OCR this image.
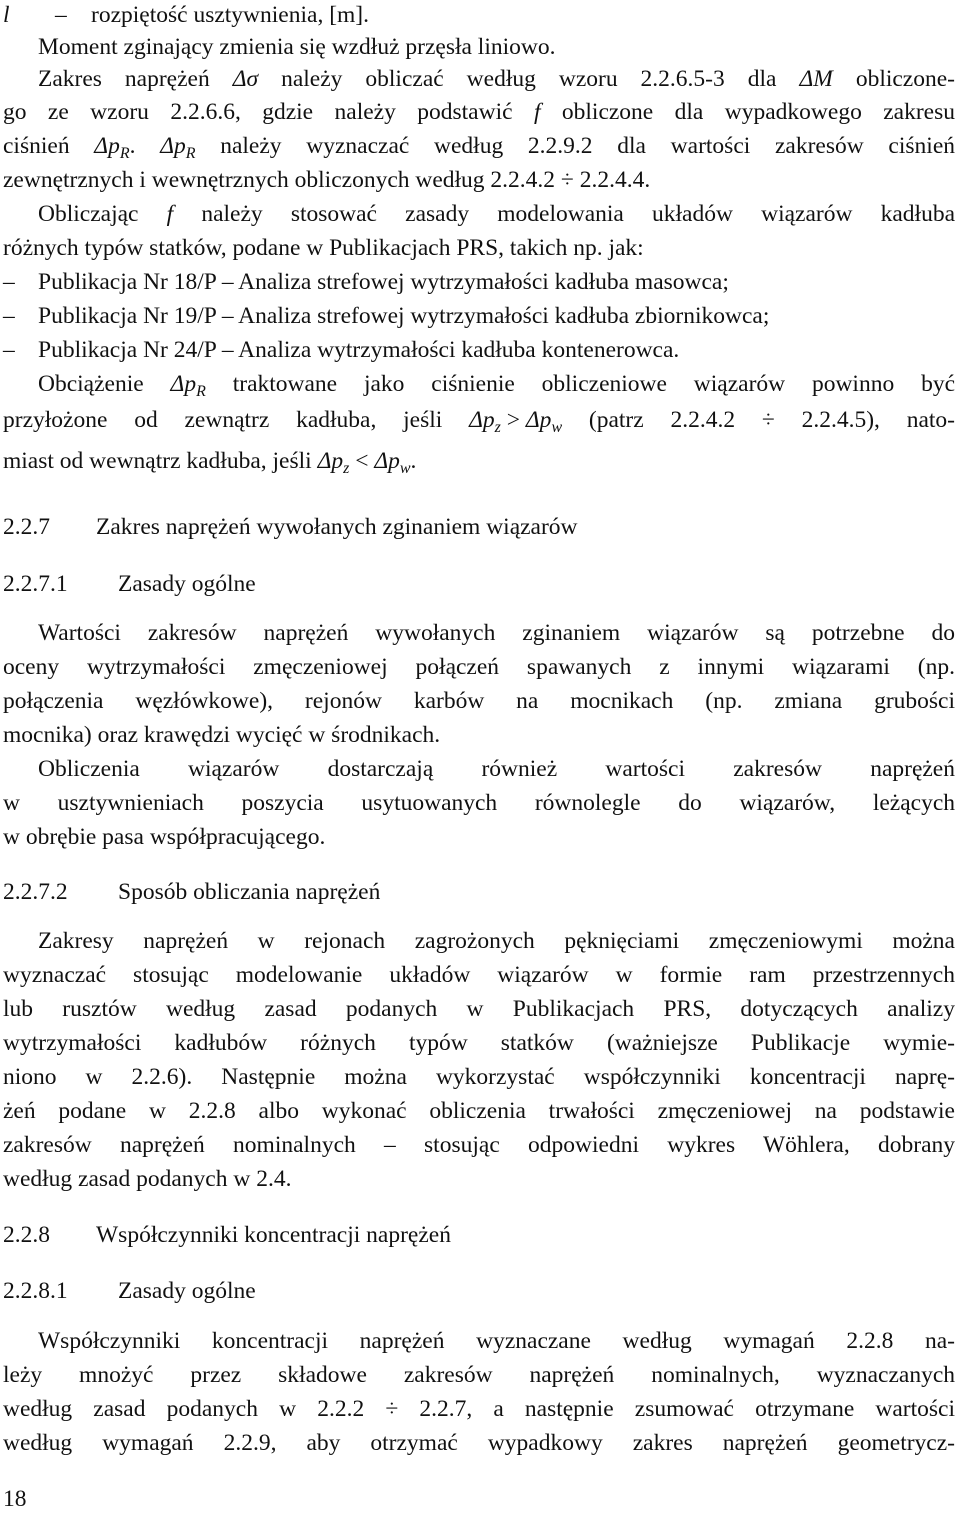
l – rozpiętość usztywnienia, [m].
Moment zginający zmienia się wzdłuż przęsła liniowo.
Zakres naprężeń Δσ należy obliczać według wzoru 2.2.6.5-3 dla ΔM obliczone-
go ze wzoru 2.2.6.6, gdzie należy podstawić f obliczone dla wypadkowego zakresu
ciśnień $\Delta p_R$. $\Delta p_R$ należy wyznaczać według 2.2.9.2 dla wartości zakresów ciśnień
zewnętrznych i wewnętrznych obliczonych według 2.2.4.2 ÷ 2.2.4.4.
Obliczając f należy stosować zasady modelowania układów wiązarów kadłuba
różnych typów statków, podane w Publikacjach PRS, takich np. jak:
– Publikacja Nr 18/P – Analiza strefowej wytrzymałości kadłuba masowca;
– Publikacja Nr 19/P – Analiza strefowej wytrzymałości kadłuba zbiornikowca;
– Publikacja Nr 24/P – Analiza wytrzymałości kadłuba kontenerowca.
Obciążenie $\Delta p_R$ traktowane jako ciśnienie obliczeniowe wiązarów powinno być
przyłożone od zewnątrz kadłuba, jeśli $\Delta p_z > \Delta p_w$ (patrz 2.2.4.2 ÷ 2.2.4.5), nato-
miast od wewnątrz kadłuba, jeśli $\Delta p_z < \Delta p_w$.
2.2.7 Zakres naprężeń wywołanych zginaniem wiązarów
2.2.7.1 Zasady ogólne
Wartości zakresów naprężeń wywołanych zginaniem wiązarów są potrzebne do
oceny wytrzymałości zmęczeniowej połączeń spawanych z innymi wiązarami (np.
połączenia węzłówkowe), rejonów karbów na mocnikach (np. zmiana grubości
mocnika) oraz krawędzi wycięć w środnikach.
Obliczenia wiązarów dostarczają również wartości zakresów naprężeń
w usztywnieniach poszycia usytuowanych równolegle do wiązarów, leżących
w obrębie pasa współpracującego.
2.2.7.2 Sposób obliczania naprężeń
Zakresy naprężeń w rejonach zagrożonych pęknięciami zmęczeniowymi można
wyznaczać stosując modelowanie układów wiązarów w formie ram przestrzennych
lub rusztów według zasad podanych w Publikacjach PRS, dotyczących analizy
wytrzymałości kadłubów różnych typów statków (ważniejsze Publikacje wymie-
niono w 2.2.6). Następnie można wykorzystać współczynniki koncentracji naprę-
żeń podane w 2.2.8 albo wykonać obliczenia trwałości zmęczeniowej na podstawie
zakresów naprężeń nominalnych – stosując odpowiedni wykres Wöhlera, dobrany
według zasad podanych w 2.4.
2.2.8 Współczynniki koncentracji naprężeń
2.2.8.1 Zasady ogólne
Współczynniki koncentracji naprężeń wyznaczane według wymagań 2.2.8 na-
leży mnożyć przez składowe zakresów naprężeń nominalnych, wyznaczanych
według zasad podanych w 2.2.2 ÷ 2.2.7, a następnie zsumować otrzymane wartości
według wymagań 2.2.9, aby otrzymać wypadkowy zakres naprężeń geometrycz-
18
